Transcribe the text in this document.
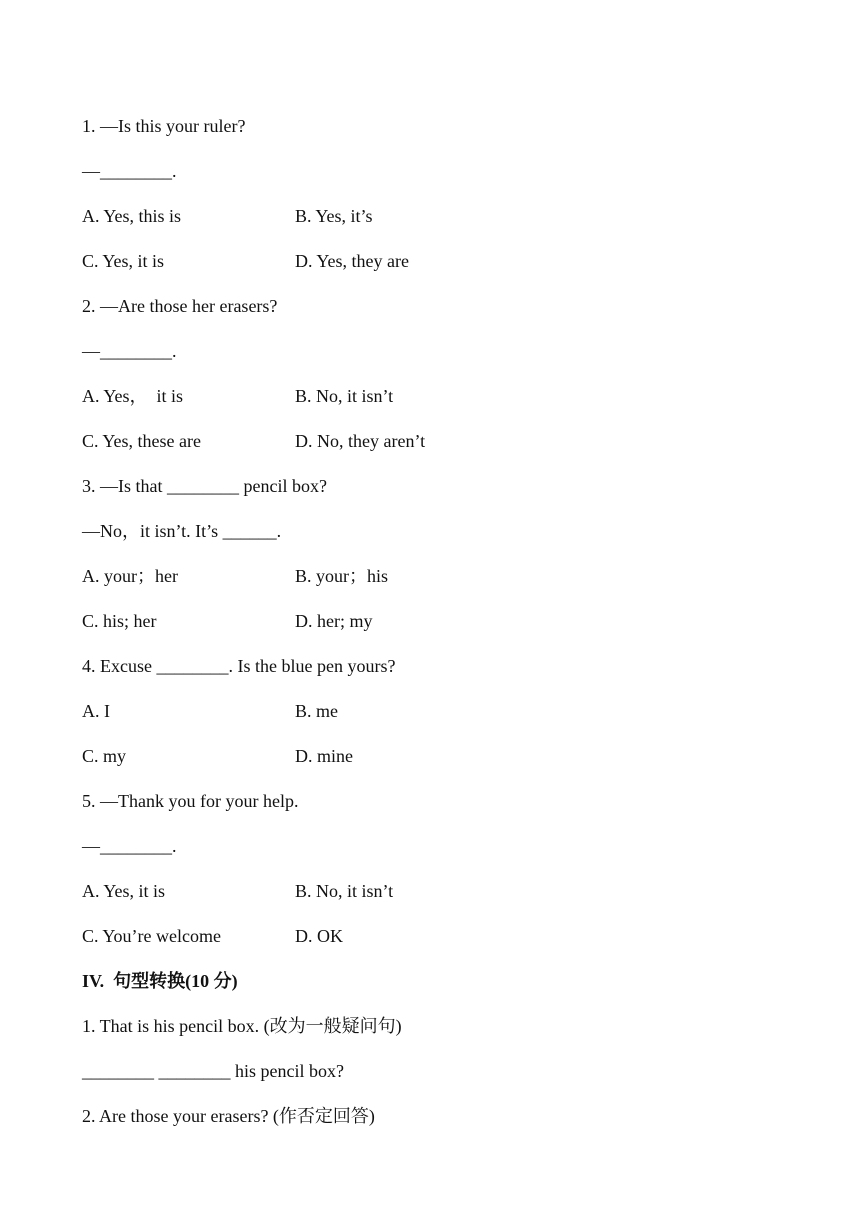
1. —Is this your ruler?
—________.
A. Yes, this is	B. Yes, it’s
C. Yes, it is	D. Yes, they are
2. —Are those her erasers?
—________.
A. Yes，  it is	B. No, it isn’t
C. Yes, these are	D. No, they aren’t
3. —Is that ________ pencil box?
—No，it isn’t. It’s ______.
A. your；her	B. your；his
C. his; her	D. her; my
4. Excuse ________. Is the blue pen yours?
A. I	B. me
C. my	D. mine
5. —Thank you for your help.
—________.
A. Yes, it is	B. No, it isn’t
C. You’re welcome	D. OK
IV.  句型转换(10 分)
1. That is his pencil box. (改为一般疑问句)
________ ________ his pencil box?
2. Are those your erasers? (作否定回答)
